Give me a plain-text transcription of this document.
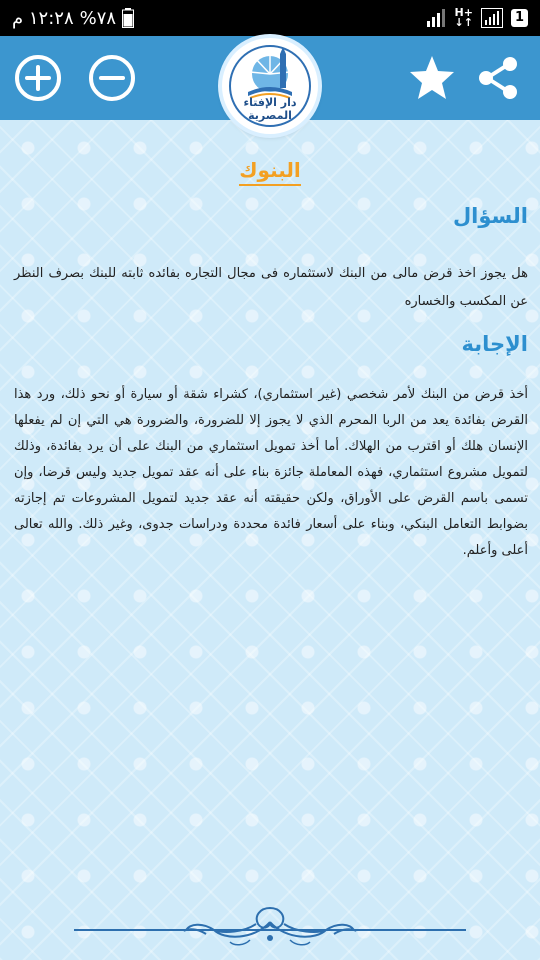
١٢:٢٨ م %٧٨	H+
↓↑	1
دار الإفتاء المصرية
البنوك
السؤال
هل يجوز اخذ قرض مالى من البنك لاستثماره فى مجال التجاره بفائده ثابته للبنك بصرف النظر عن المكسب والخساره
الإجابة
أخذ قرض من البنك لأمر شخصي (غير استثماري)، كشراء شقة أو سيارة أو نحو ذلك، ورد هذا القرض بفائدة يعد من الربا المحرم الذي لا يجوز إلا للضرورة، والضرورة هي التي إن لم يفعلها الإنسان هلك أو اقترب من الهلاك. أما أخذ تمويل استثماري من البنك على أن يرد بفائدة، وذلك لتمويل مشروع استثماري، فهذه المعاملة جائزة بناء على أنه عقد تمويل جديد وليس قرضا، وإن تسمى باسم القرض على الأوراق، ولكن حقيقته أنه عقد جديد لتمويل المشروعات تم إجازته بضوابط التعامل البنكي، وبناء على أسعار فائدة محددة ودراسات جدوى، وغير ذلك. والله تعالى أعلى وأعلم.
